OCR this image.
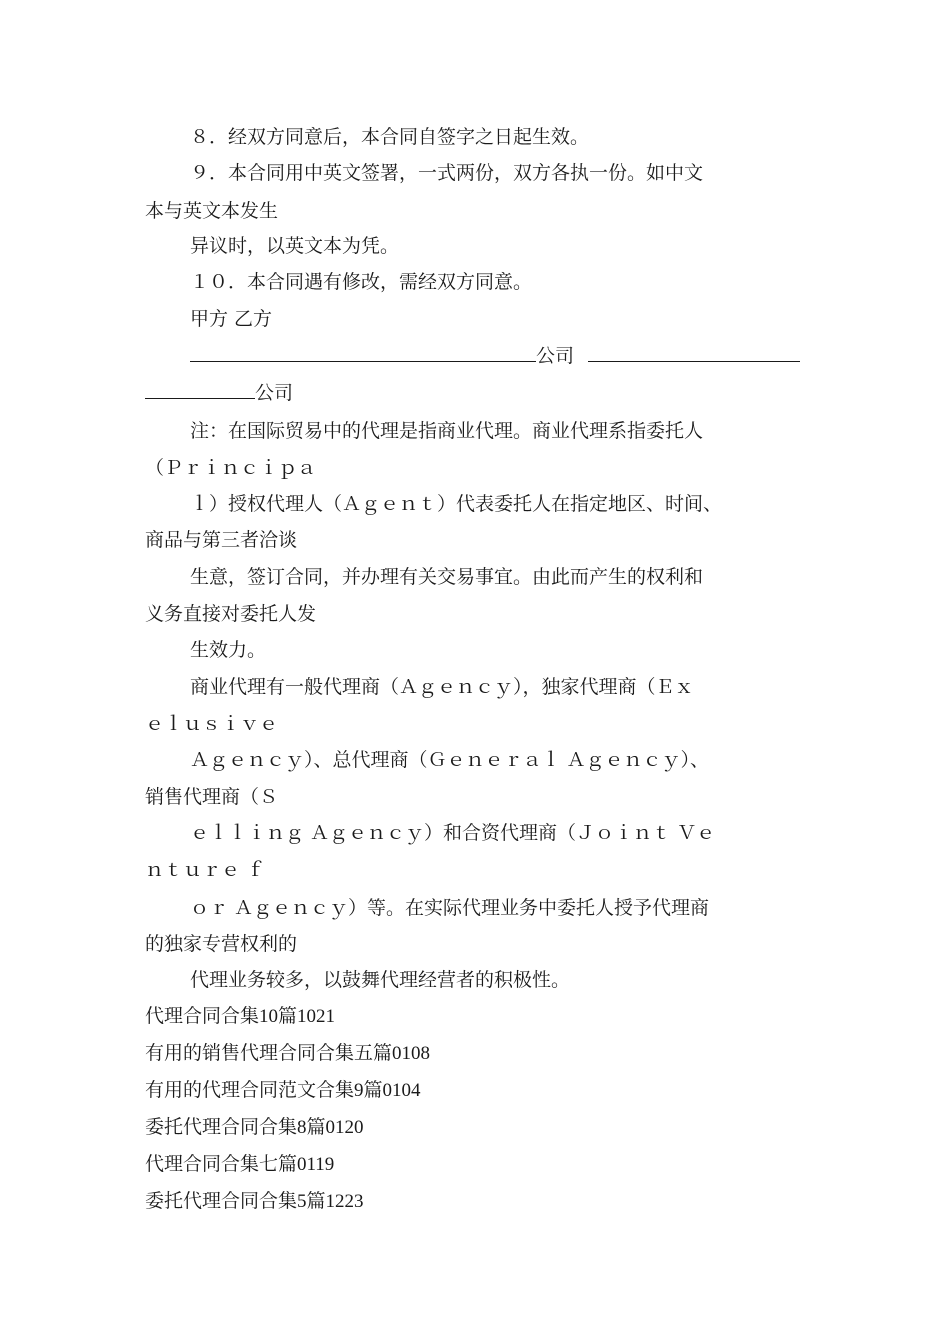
８．经双方同意后，本合同自签字之日起生效。
９．本合同用中英文签署，一式两份，双方各执一份。如中文
本与英文本发生
异议时，以英文本为凭。
１０．本合同遇有修改，需经双方同意。
甲方 乙方
公司
公司
注：在国际贸易中的代理是指商业代理。商业代理系指委托人
（Ｐｒｉｎｃｉｐａ
ｌ）授权代理人（Ａｇｅｎｔ）代表委托人在指定地区、时间、
商品与第三者洽谈
生意，签订合同，并办理有关交易事宜。由此而产生的权利和
义务直接对委托人发
生效力。
商业代理有一般代理商（Ａｇｅｎｃｙ），独家代理商（Ｅｘ
ｅｌｕｓｉｖｅ
Ａｇｅｎｃｙ）、总代理商（Ｇｅｎｅｒａｌ Ａｇｅｎｃｙ）、
销售代理商（Ｓ
ｅｌｌｉｎｇ Ａｇｅｎｃｙ）和合资代理商（Ｊｏｉｎｔ Ｖｅ
ｎｔｕｒｅ ｆ
ｏｒ Ａｇｅｎｃｙ）等。在实际代理业务中委托人授予代理商
的独家专营权利的
代理业务较多，以鼓舞代理经营者的积极性。
代理合同合集10篇1021
有用的销售代理合同合集五篇0108
有用的代理合同范文合集9篇0104
委托代理合同合集8篇0120
代理合同合集七篇0119
委托代理合同合集5篇1223
